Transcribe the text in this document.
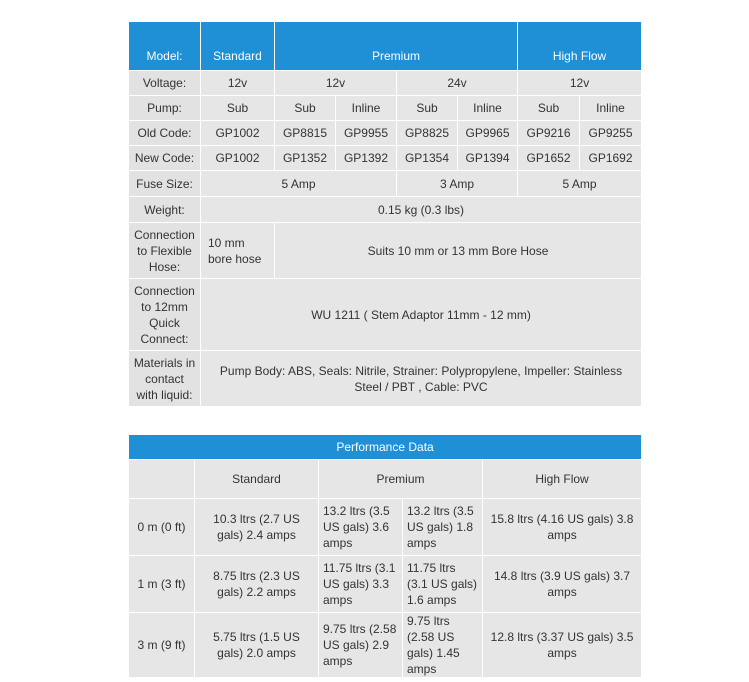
Model:	Standard	Premium				High Flow	
Voltage:	12v	12v		24v		12v	
Pump:	Sub	Sub	Inline	Sub	Inline	Sub	Inline
Old Code:	GP1002	GP8815	GP9955	GP8825	GP9965	GP9216	GP9255
New Code:	GP1002	GP1352	GP1392	GP1354	GP1394	GP1652	GP1692
Fuse Size:	5 Amp			3 Amp		5 Amp	
Weight:	0.15 kg (0.3 lbs)						
Connection to Flexible Hose:	10 mm bore hose	Suits 10 mm or 13 mm Bore Hose					
Connection to 12mm Quick Connect:	WU 1211 ( Stem Adaptor 11mm - 12 mm)						
Materials in contact with liquid:	Pump Body: ABS, Seals: Nitrile, Strainer: Polypropylene, Impeller: Stainless Steel / PBT , Cable: PVC						
Performance Data				
	Standard	Premium		High Flow
0 m (0 ft)	10.3 ltrs (2.7 US gals) 2.4 amps	13.2 ltrs (3.5 US gals) 3.6 amps	13.2 ltrs (3.5 US gals) 1.8 amps	15.8 ltrs (4.16 US gals) 3.8 amps
1 m (3 ft)	8.75 ltrs (2.3 US gals) 2.2 amps	11.75 ltrs (3.1 US gals) 3.3 amps	11.75 ltrs (3.1 US gals) 1.6 amps	14.8 ltrs (3.9 US gals) 3.7 amps
3 m (9 ft)	5.75 ltrs (1.5 US gals) 2.0 amps	9.75 ltrs (2.58 US gals) 2.9 amps	9.75 ltrs (2.58 US gals) 1.45 amps	12.8 ltrs (3.37 US gals) 3.5 amps
